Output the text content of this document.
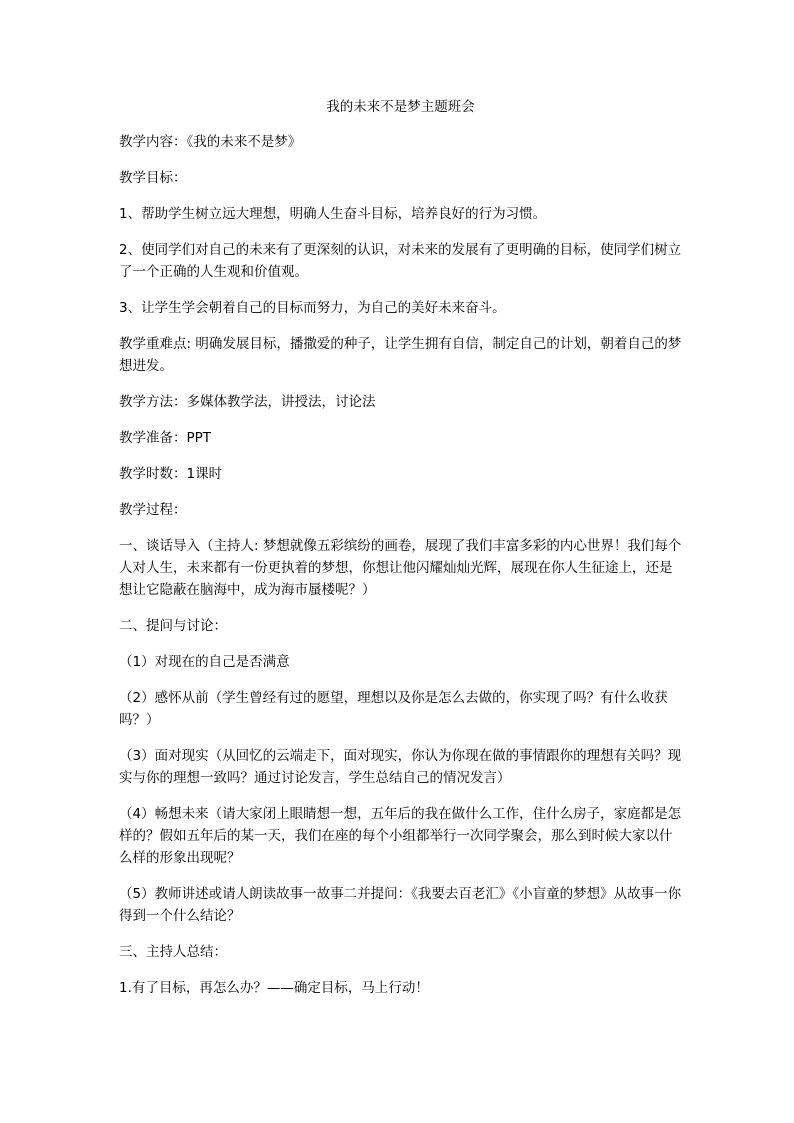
我的未来不是梦主题班会
教学内容：《我的未来不是梦》
教学目标：
1、帮助学生树立远大理想，明确人生奋斗目标，培养良好的行为习惯。
2、使同学们对自己的未来有了更深刻的认识，对未来的发展有了更明确的目标，使同学们树立了一个正确的人生观和价值观。
3、让学生学会朝着自己的目标而努力，为自己的美好未来奋斗。
教学重难点: 明确发展目标，播撒爱的种子，让学生拥有自信，制定自己的计划，朝着自己的梦想进发。
教学方法：多媒体教学法，讲授法，讨论法
教学准备：PPT
教学时数：1课时
教学过程：
一、谈话导入（主持人: 梦想就像五彩缤纷的画卷，展现了我们丰富多彩的内心世界！我们每个人对人生，未来都有一份更执着的梦想，你想让他闪耀灿灿光辉，展现在你人生征途上，还是想让它隐蔽在脑海中，成为海市蜃楼呢？）
二、提问与讨论：
（1）对现在的自己是否满意
（2）感怀从前（学生曾经有过的愿望，理想以及你是怎么去做的，你实现了吗？有什么收获吗？）
（3）面对现实（从回忆的云端走下，面对现实，你认为你现在做的事情跟你的理想有关吗？现实与你的理想一致吗？通过讨论发言，学生总结自己的情况发言）
（4）畅想未来（请大家闭上眼睛想一想，五年后的我在做什么工作，住什么房子，家庭都是怎样的？假如五年后的某一天，我们在座的每个小组都举行一次同学聚会，那么到时候大家以什么样的形象出现呢？
（5）教师讲述或请人朗读故事一故事二并提问：《我要去百老汇》《小盲童的梦想》从故事一你得到一个什么结论？
三、主持人总结：
1.有了目标，再怎么办？——确定目标，马上行动！
